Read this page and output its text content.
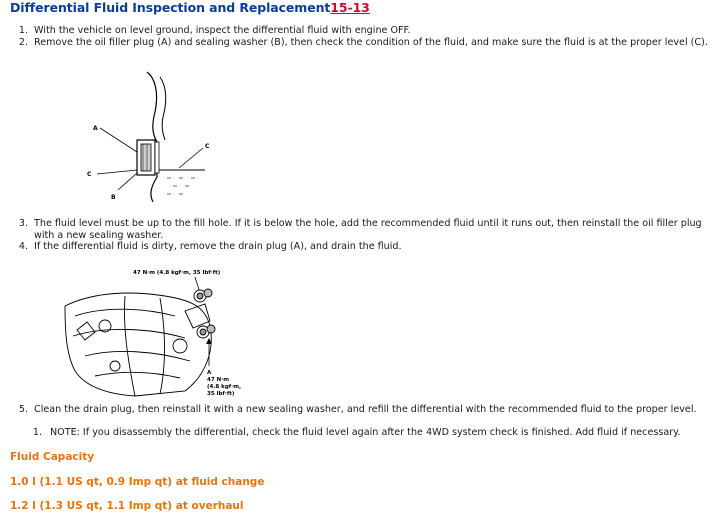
Differential Fluid Inspection and Replacement15-13
1. With the vehicle on level ground, inspect the differential fluid with engine OFF.
2. Remove the oil filler plug (A) and sealing washer (B), then check the condition of the fluid, and make sure the fluid is at the proper level (C).
A
C
B
C
3. The fluid level must be up to the fill hole. If it is below the hole, add the recommended fluid until it runs out, then reinstall the oil filler plug with a new sealing washer.
4. If the differential fluid is dirty, remove the drain plug (A), and drain the fluid.
47 N·m (4.8 kgf·m, 35 lbf·ft)
A
47 N·m
(4.8 kgf·m,
35 lbf·ft)
5. Clean the drain plug, then reinstall it with a new sealing washer, and refill the differential with the recommended fluid to the proper level.
1. NOTE: If you disassembly the differential, check the fluid level again after the 4WD system check is finished. Add fluid if necessary.
Fluid Capacity
1.0 l (1.1 US qt, 0.9 Imp qt) at fluid change
1.2 l (1.3 US qt, 1.1 Imp qt) at overhaul
